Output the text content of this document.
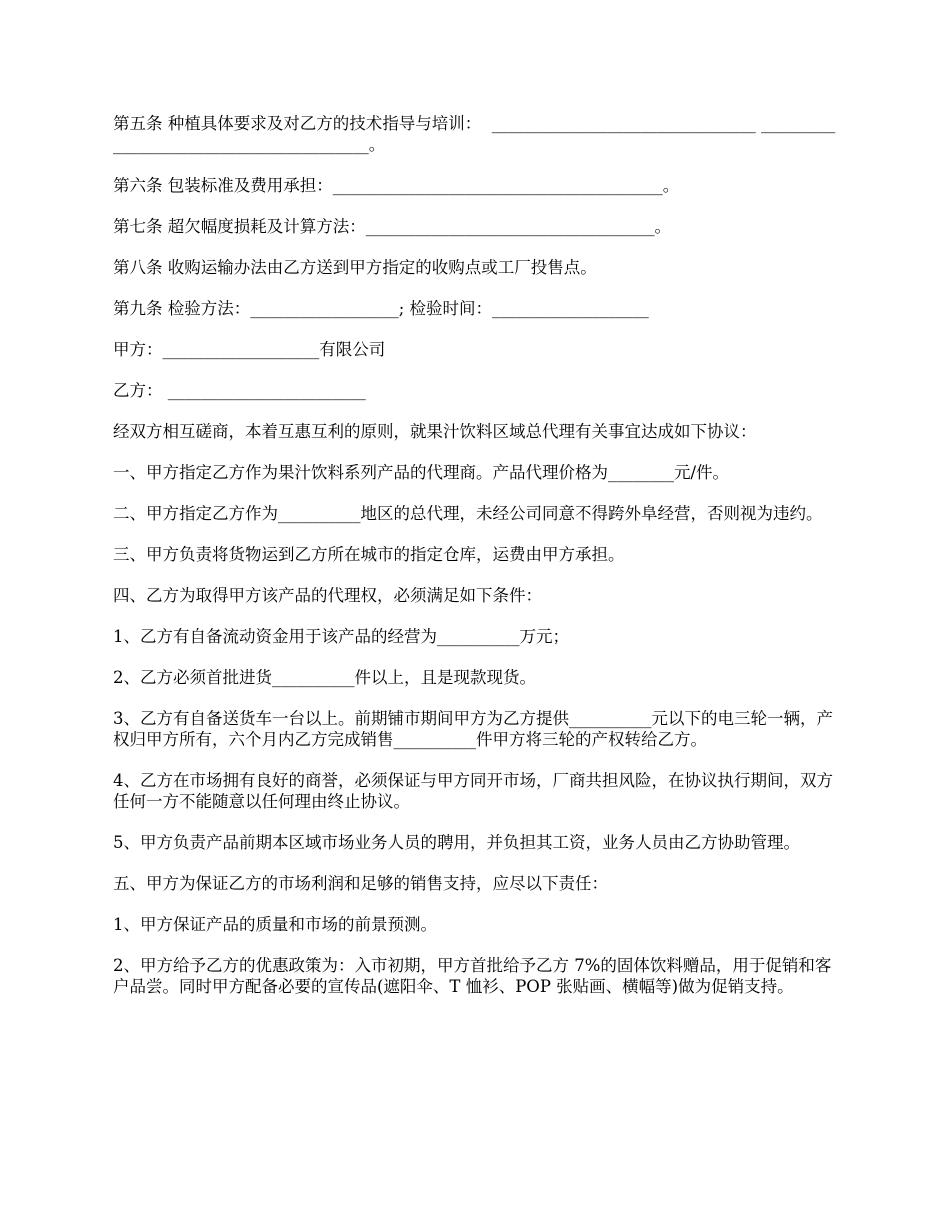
第五条 种植具体要求及对乙方的技术指导与培训：  ________________________________ ________________________________________。

第六条 包装标准及费用承担：________________________________________。

第七条 超欠幅度损耗及计算方法：___________________________________。

第八条 收购运输办法由乙方送到甲方指定的收购点或工厂投售点。

第九条 检验方法：__________________; 检验时间：___________________

甲方：___________________有限公司

乙方： ________________________

经双方相互磋商，本着互惠互利的原则，就果汁饮料区域总代理有关事宜达成如下协议：

一、甲方指定乙方作为果汁饮料系列产品的代理商。产品代理价格为________元/件。

二、甲方指定乙方作为__________地区的总代理，未经公司同意不得跨外阜经营，否则视为违约。

三、甲方负责将货物运到乙方所在城市的指定仓库，运费由甲方承担。

四、乙方为取得甲方该产品的代理权，必须满足如下条件：

1、乙方有自备流动资金用于该产品的经营为__________万元；

2、乙方必须首批进货__________件以上，且是现款现货。

3、乙方有自备送货车一台以上。前期铺市期间甲方为乙方提供__________元以下的电三轮一辆，产权归甲方所有，六个月内乙方完成销售__________件甲方将三轮的产权转给乙方。

4、乙方在市场拥有良好的商誉，必须保证与甲方同开市场，厂商共担风险，在协议执行期间，双方任何一方不能随意以任何理由终止协议。

5、甲方负责产品前期本区域市场业务人员的聘用，并负担其工资，业务人员由乙方协助管理。

五、甲方为保证乙方的市场利润和足够的销售支持，应尽以下责任：

1、甲方保证产品的质量和市场的前景预测。

2、甲方给予乙方的优惠政策为：入市初期，甲方首批给予乙方 7%的固体饮料赠品，用于促销和客户品尝。同时甲方配备必要的宣传品(遮阳伞、T 恤衫、POP 张贴画、横幅等)做为促销支持。
